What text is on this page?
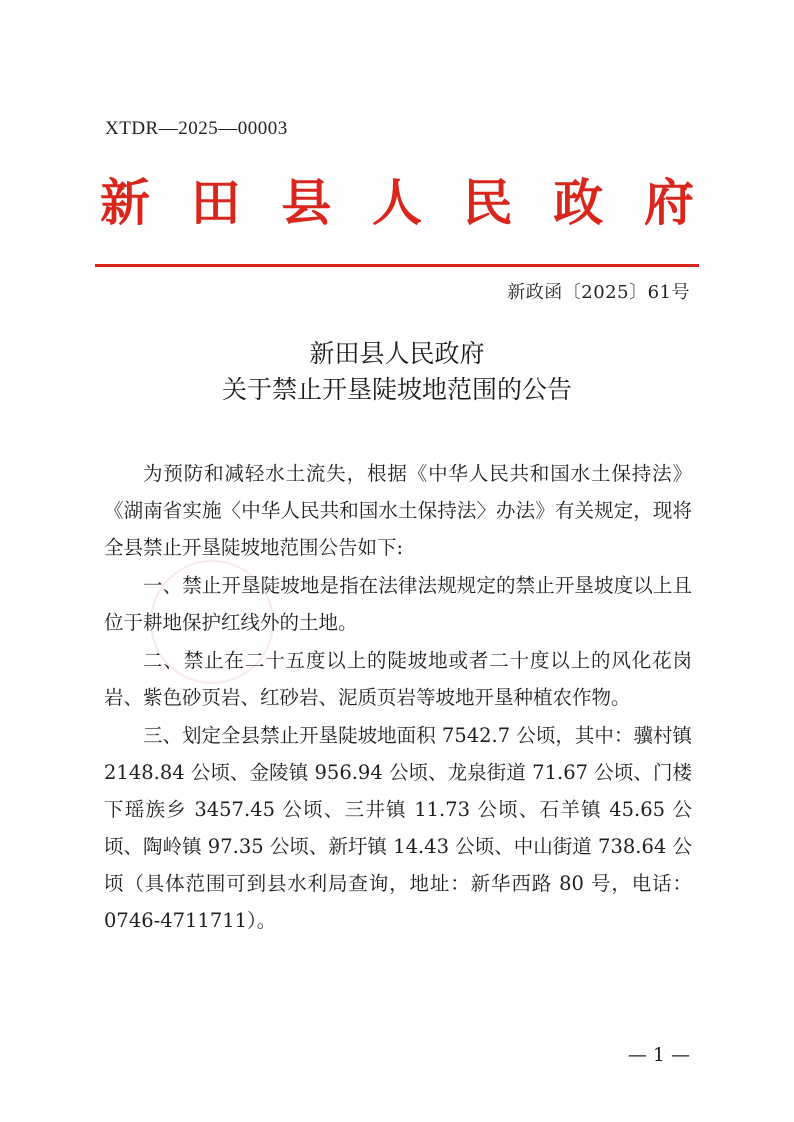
XTDR—2025—00003
新 田 县 人 民 政 府
新政函〔2025〕61号
新田县人民政府
关于禁止开垦陡坡地范围的公告

为预防和减轻水土流失，根据《中华人民共和国水土保持法》《湖南省实施〈中华人民共和国水土保持法〉办法》有关规定，现将全县禁止开垦陡坡地范围公告如下:

一、禁止开垦陡坡地是指在法律法规规定的禁止开垦坡度以上且位于耕地保护红线外的土地。

二、禁止在二十五度以上的陡坡地或者二十度以上的风化花岗岩、紫色砂页岩、红砂岩、泥质页岩等坡地开垦种植农作物。

三、划定全县禁止开垦陡坡地面积 7542.7 公顷，其中：骥村镇 2148.84 公顷、金陵镇 956.94 公顷、龙泉街道 71.67 公顷、门楼下瑶族乡 3457.45 公顷、三井镇 11.73 公顷、石羊镇 45.65 公顷、陶岭镇 97.35 公顷、新圩镇 14.43 公顷、中山街道 738.64 公顷（具体范围可到县水利局查询，地址：新华西路 80 号，电话：0746-4711711）。

— 1 —
